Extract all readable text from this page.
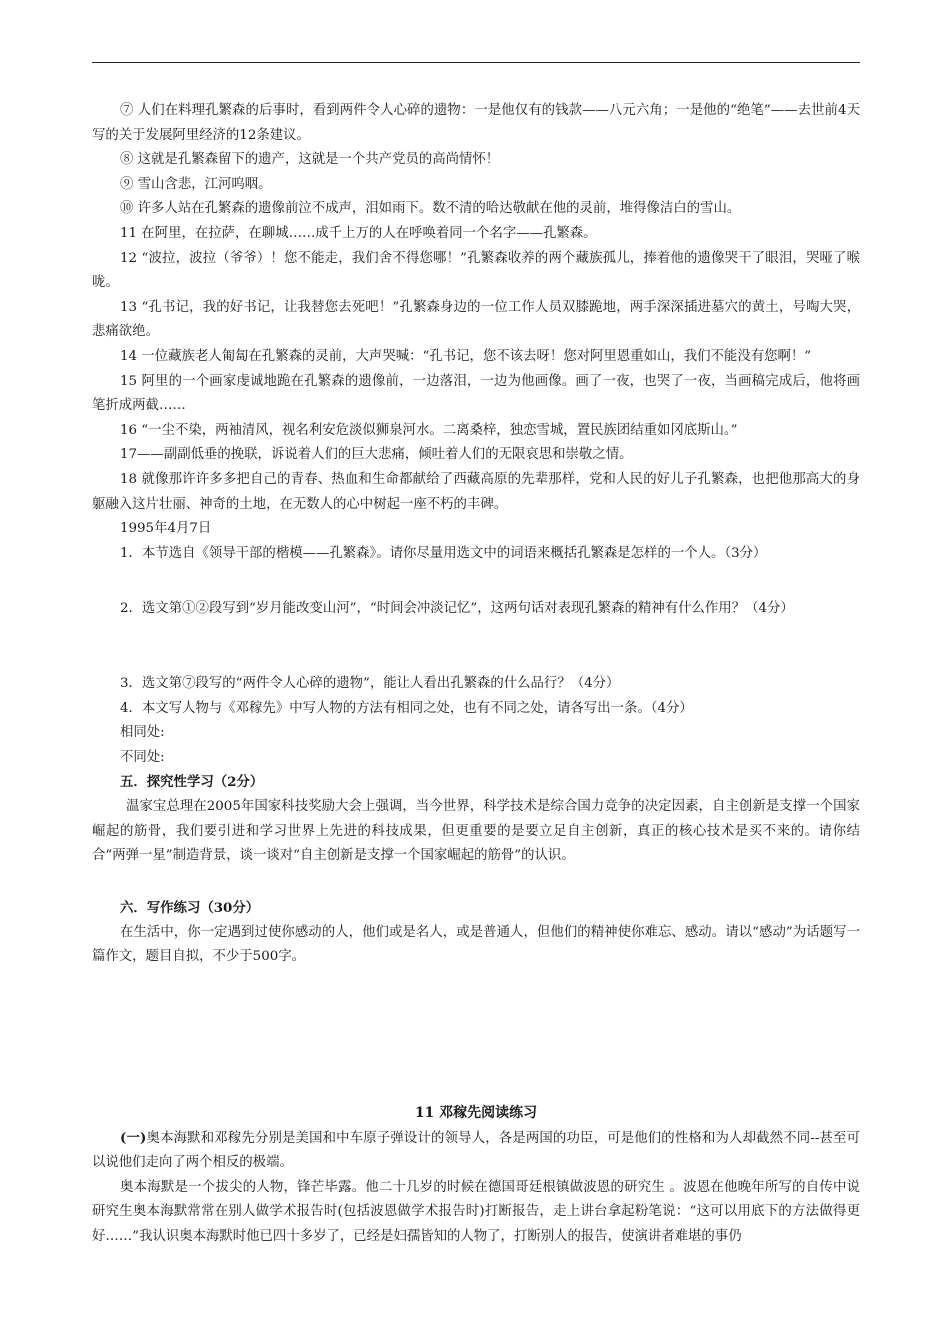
⑦ 人们在料理孔繁森的后事时，看到两件令人心碎的遗物：一是他仅有的钱款——八元六角；一是他的“绝笔”——去世前4天写的关于发展阿里经济的12条建议。

⑧ 这就是孔繁森留下的遗产，这就是一个共产党员的高尚情怀！

⑨ 雪山含悲，江河呜咽。

⑩ 许多人站在孔繁森的遗像前泣不成声，泪如雨下。数不清的哈达敬献在他的灵前，堆得像洁白的雪山。

11 在阿里，在拉萨，在聊城……成千上万的人在呼唤着同一个名字——孔繁森。

12 “波拉，波拉（爷爷）！您不能走，我们舍不得您哪！”孔繁森收养的两个藏族孤儿，捧着他的遗像哭干了眼泪，哭哑了喉咙。

13 “孔书记，我的好书记，让我替您去死吧！”孔繁森身边的一位工作人员双膝跪地，两手深深插进墓穴的黄土，号啕大哭，悲痛欲绝。

14 一位藏族老人匍匐在孔繁森的灵前，大声哭喊：“孔书记，您不该去呀！您对阿里恩重如山，我们不能没有您啊！”

15 阿里的一个画家虔诚地跪在孔繁森的遗像前，一边落泪，一边为他画像。画了一夜，也哭了一夜，当画稿完成后，他将画笔折成两截……

16 “一尘不染，两袖清风，视名利安危淡似狮泉河水。二离桑梓，独恋雪城，置民族团结重如冈底斯山。”

17——副副低垂的挽联，诉说着人们的巨大悲痛，倾吐着人们的无限哀思和崇敬之情。

18 就像那许许多多把自己的青春、热血和生命都献给了西藏高原的先辈那样，党和人民的好儿子孔繁森，也把他那高大的身躯融入这片壮丽、神奇的土地，在无数人的心中树起一座不朽的丰碑。

1995年4月7日

1．本节选自《领导干部的楷模——孔繁森》。请你尽量用选文中的词语来概括孔繁森是怎样的一个人。（3分）

2．选文第①②段写到“岁月能改变山河”，“时间会冲淡记忆”，这两句话对表现孔繁森的精神有什么作用？（4分）

3．选文第⑦段写的“两件令人心碎的遗物”，能让人看出孔繁森的什么品行？（4分）

4．本文写人物与《邓稼先》中写人物的方法有相同之处，也有不同之处，请各写出一条。（4分）

相同处:

不同处:

五．探究性学习（2分）

温家宝总理在2005年国家科技奖励大会上强调，当今世界，科学技术是综合国力竞争的决定因素，自主创新是支撑一个国家崛起的筋骨，我们要引进和学习世界上先进的科技成果，但更重要的是要立足自主创新，真正的核心技术是买不来的。请你结合“两弹一星”制造背景，谈一谈对“自主创新是支撑一个国家崛起的筋骨”的认识。

六．写作练习（30分）

在生活中，你一定遇到过使你感动的人，他们或是名人，或是普通人，但他们的精神使你难忘、感动。请以“感动”为话题写一篇作文，题目自拟，不少于500字。

11 邓稼先阅读练习

(一)奥本海默和邓稼先分别是美国和中车原子弹设计的领导人，各是两国的功臣，可是他们的性格和为人却截然不同--甚至可以说他们走向了两个相反的极端。

奥本海默是一个拔尖的人物，锋芒毕露。他二十几岁的时候在德国哥廷根镇做波恩的研究生 。波恩在他晚年所写的自传中说研究生奥本海默常常在别人做学术报告时(包括波恩做学术报告时)打断报告，走上讲台拿起粉笔说：“这可以用底下的方法做得更好……”我认识奥本海默时他已四十多岁了，已经是妇孺皆知的人物了，打断别人的报告，使演讲者难堪的事仍
